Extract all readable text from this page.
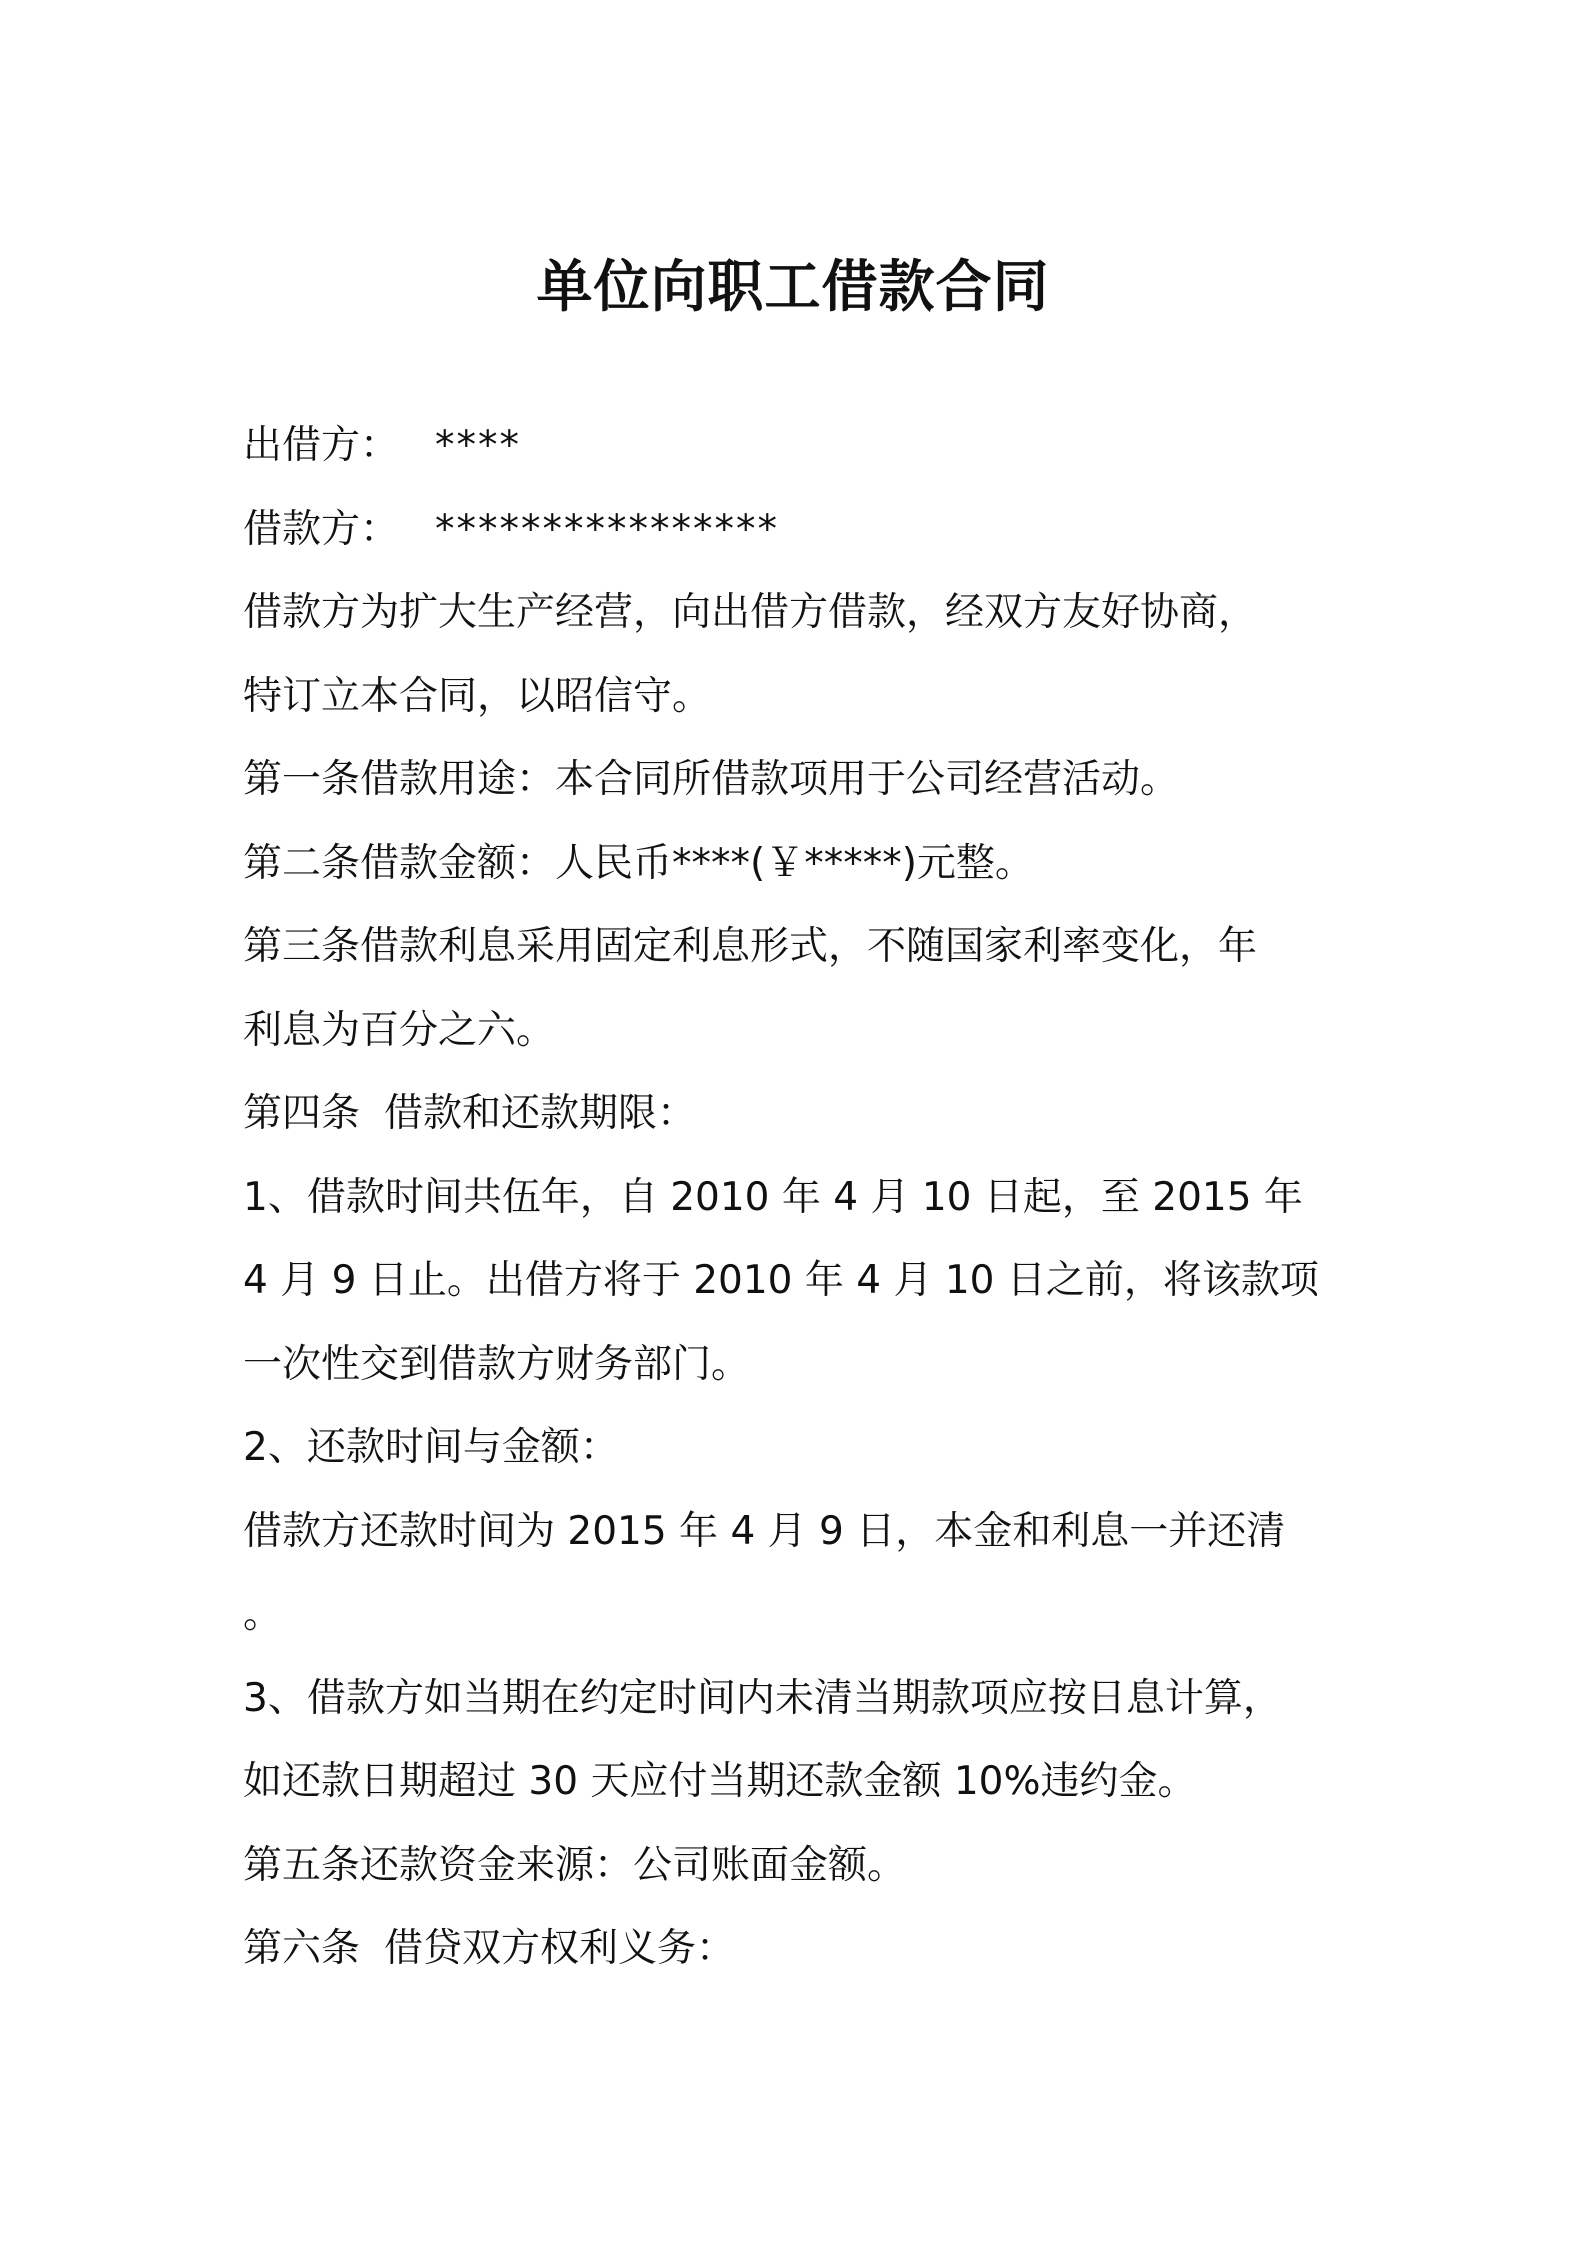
单位向职工借款合同
出借方： ****
借款方： ****************
借款方为扩大生产经营，向出借方借款，经双方友好协商，
特订立本合同，以昭信守。
第一条借款用途：本合同所借款项用于公司经营活动。
第二条借款金额：人民币****(￥*****)元整。
第三条借款利息采用固定利息形式，不随国家利率变化，年
利息为百分之六。
第四条 借款和还款期限：
1、借款时间共伍年，自 2010 年 4 月 10 日起，至 2015 年
4 月 9 日止。出借方将于 2010 年 4 月 10 日之前，将该款项
一次性交到借款方财务部门。
2、还款时间与金额：
借款方还款时间为 2015 年 4 月 9 日，本金和利息一并还清
。
3、借款方如当期在约定时间内未清当期款项应按日息计算，
如还款日期超过 30 天应付当期还款金额 10%违约金。
第五条还款资金来源：公司账面金额。
第六条 借贷双方权利义务：
